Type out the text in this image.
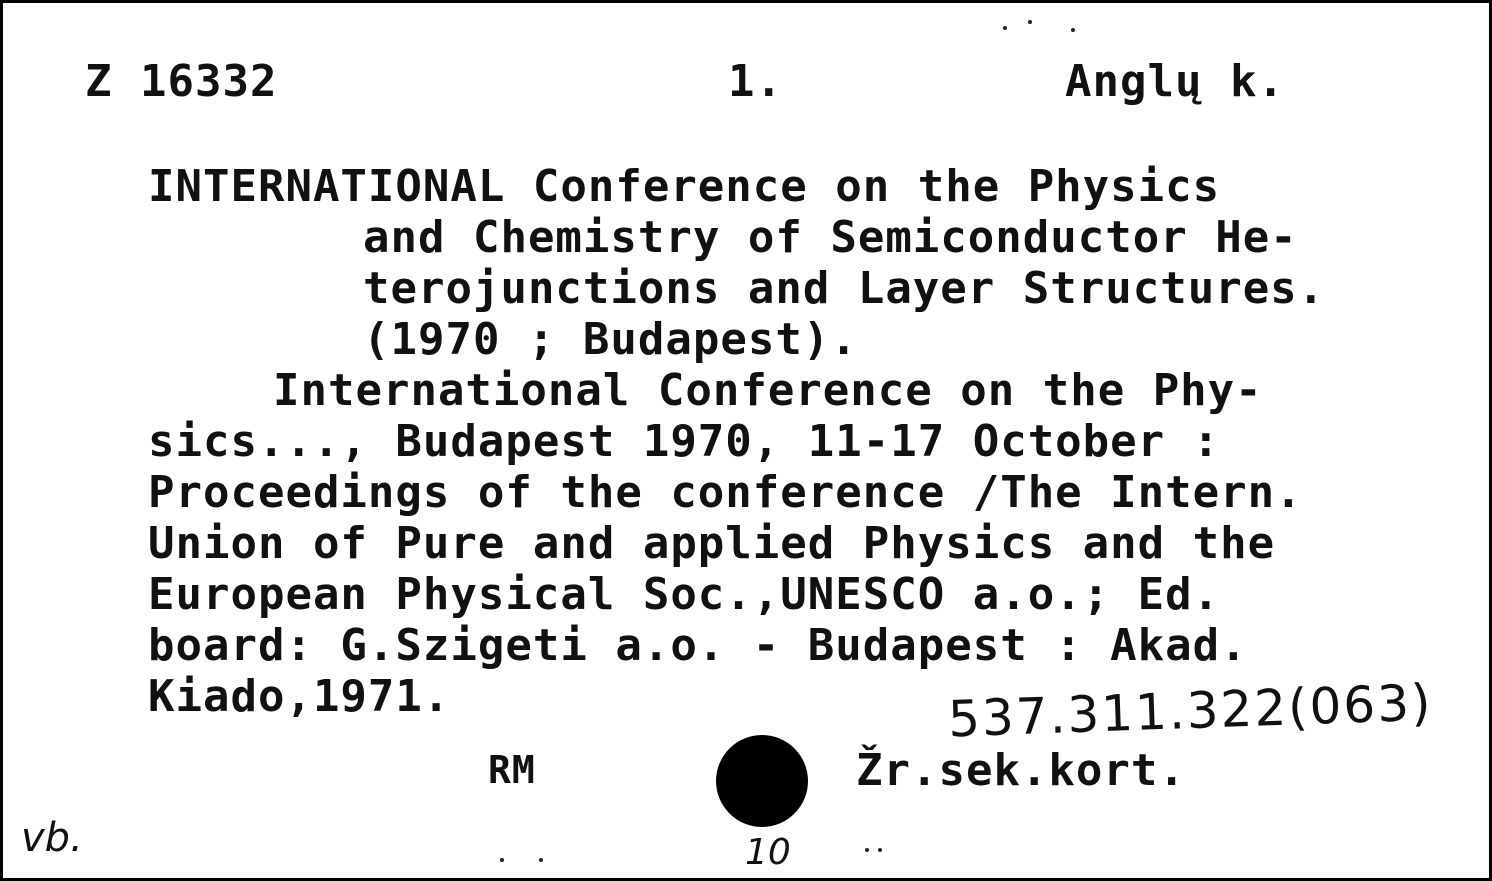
Z 16332	1.	Anglų k.
INTERNATIONAL Conference on the Physics
and Chemistry of Semiconductor He-
terojunctions and Layer Structures.
(1970 ; Budapest).
International Conference on the Phy-
sics..., Budapest 1970, 11-17 October :
Proceedings of the conference /The Intern.
Union of Pure and applied Physics and the
European Physical Soc.,UNESCO a.o.; Ed.
board: G.Szigeti a.o. - Budapest : Akad.
Kiado,1971.	537.311.322(063)
RM	Žr.sek.kort.
vb.	10
